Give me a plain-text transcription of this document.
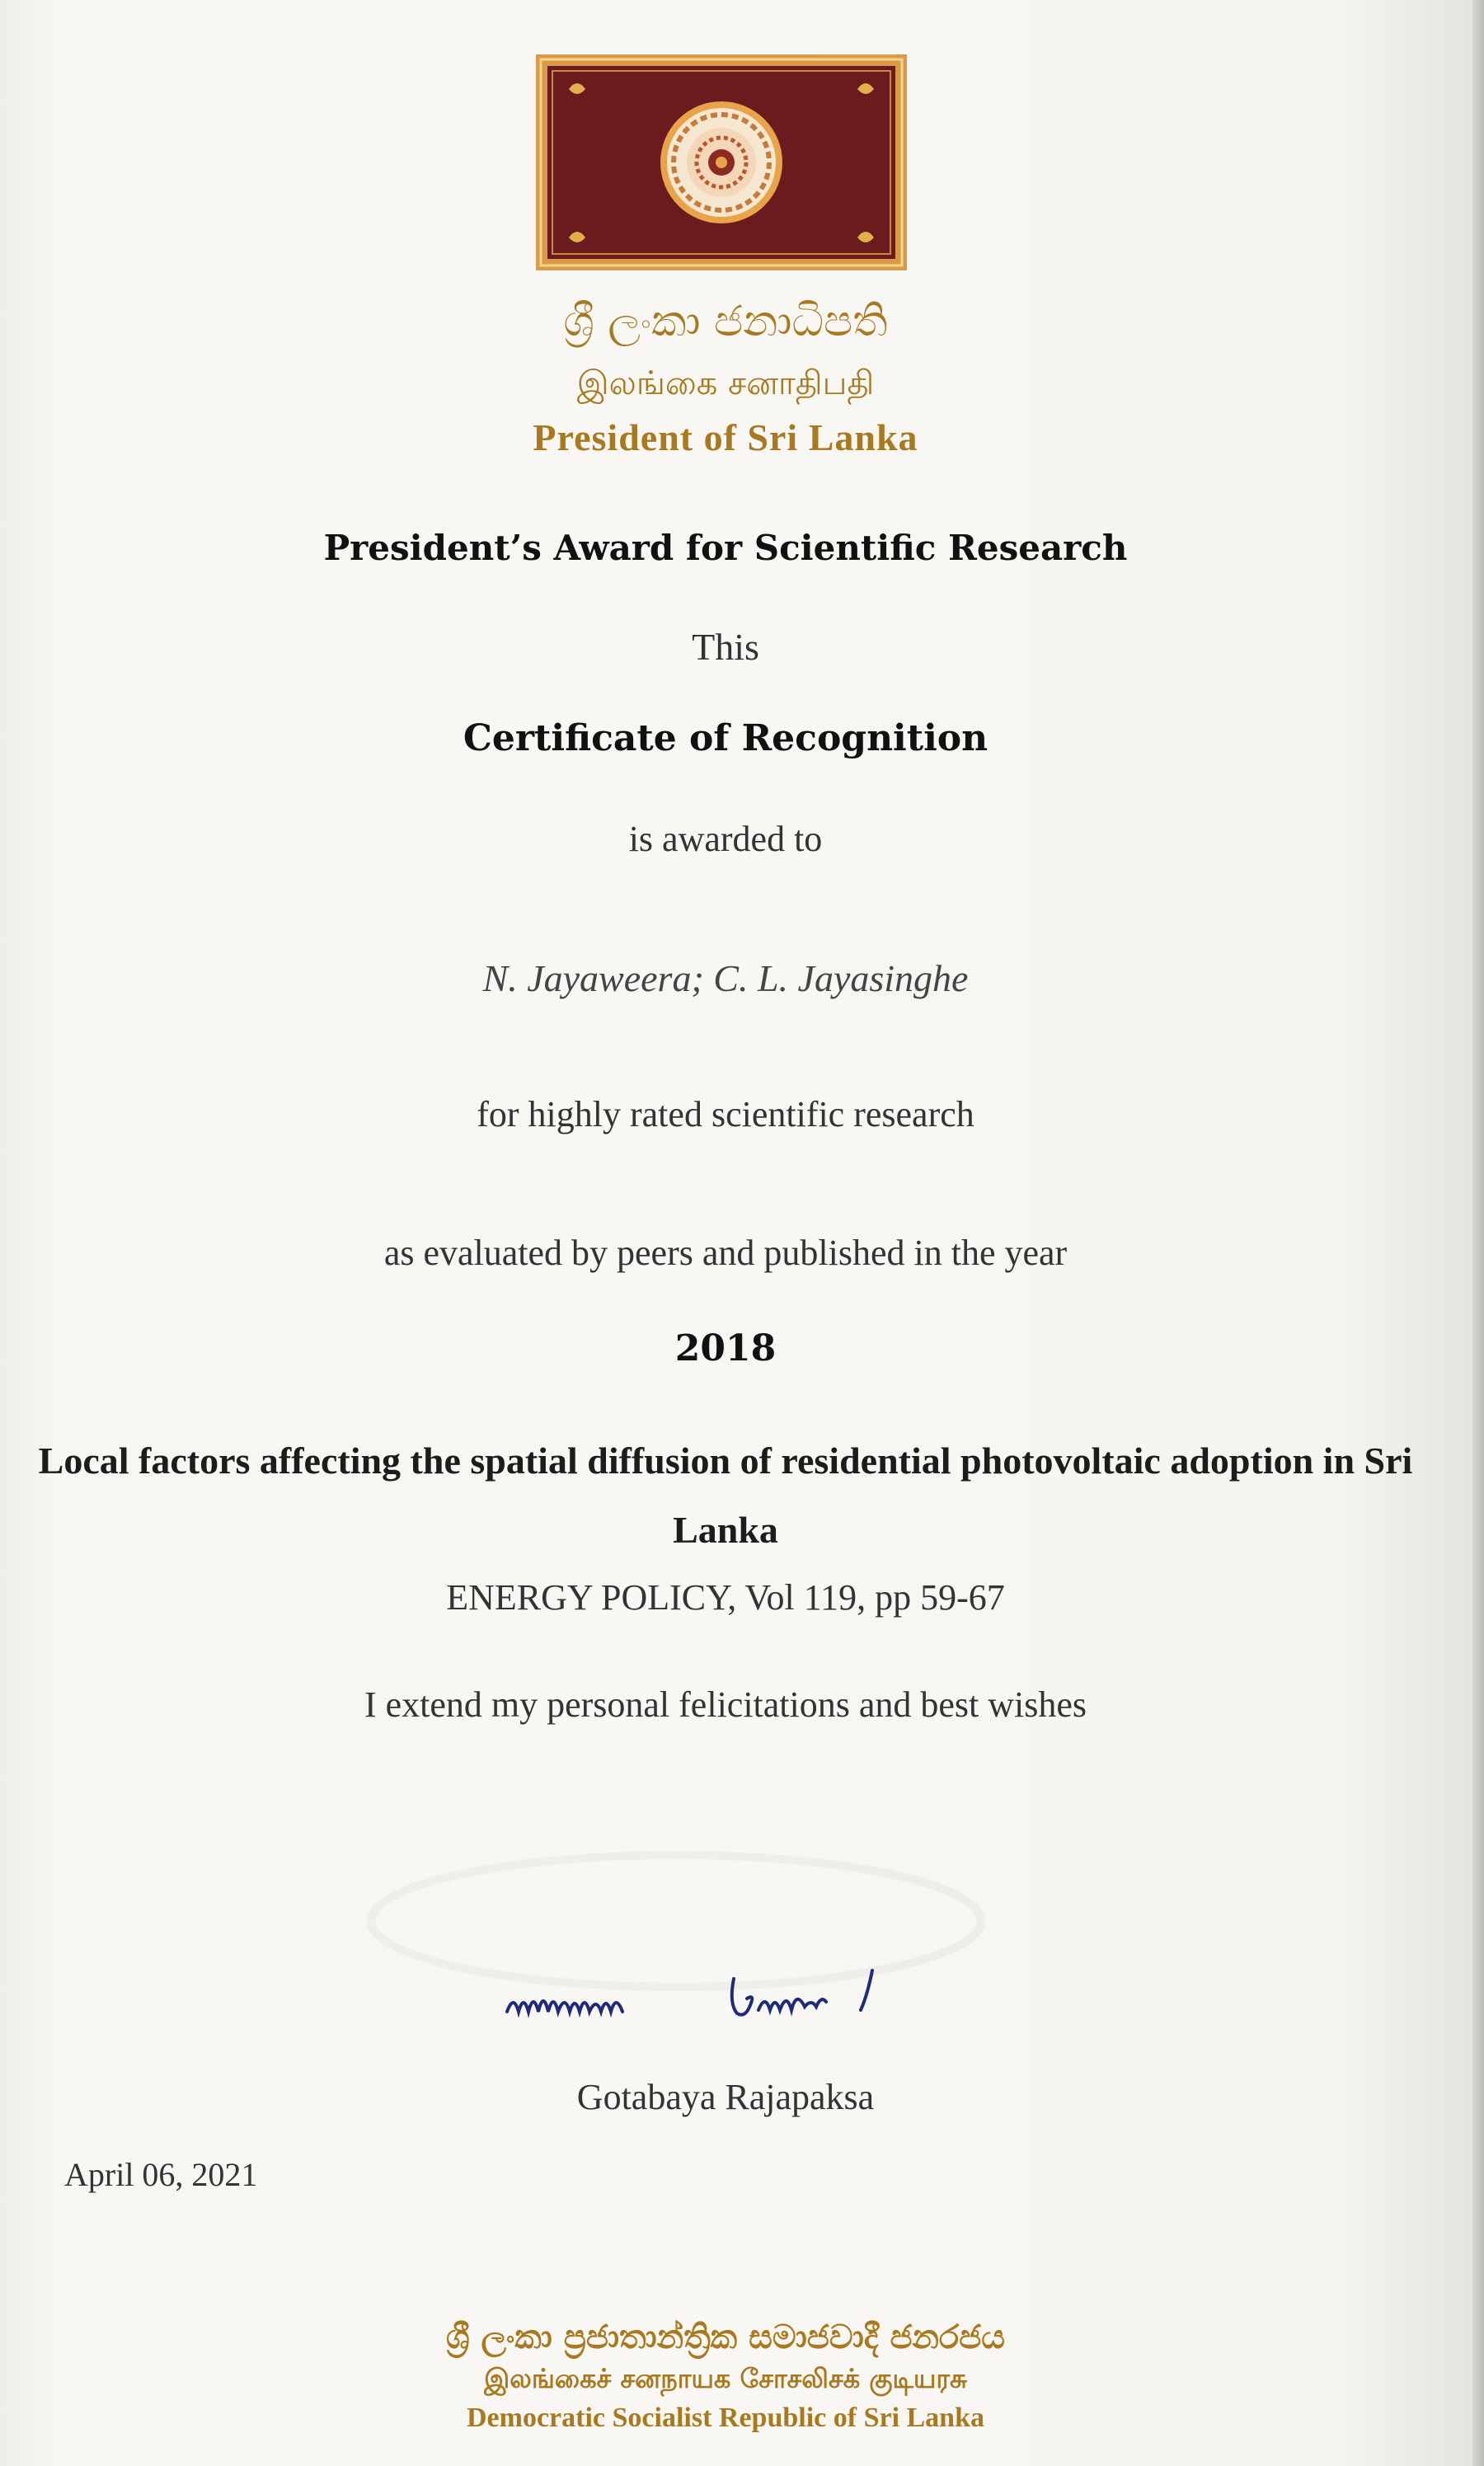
ශ්‍රී ලංකා ජනාධිපති
இலங்கை சனாதிபதி
President of Sri Lanka
President’s Award for Scientific Research
This
Certificate of Recognition
is awarded to
N. Jayaweera; C. L. Jayasinghe
for highly rated scientific research
as evaluated by peers and published in the year
2018
Local factors affecting the spatial diffusion of residential photovoltaic adoption in Sri Lanka
ENERGY POLICY, Vol 119, pp 59-67
I extend my personal felicitations and best wishes
Gotabaya Rajapaksa
April 06, 2021
ශ්‍රී ලංකා ප්‍රජාතාන්ත්‍රික සමාජවාදී ජනරජය
இலங்கைச் சனநாயக சோசலிசக் குடியரசு
Democratic Socialist Republic of Sri Lanka
